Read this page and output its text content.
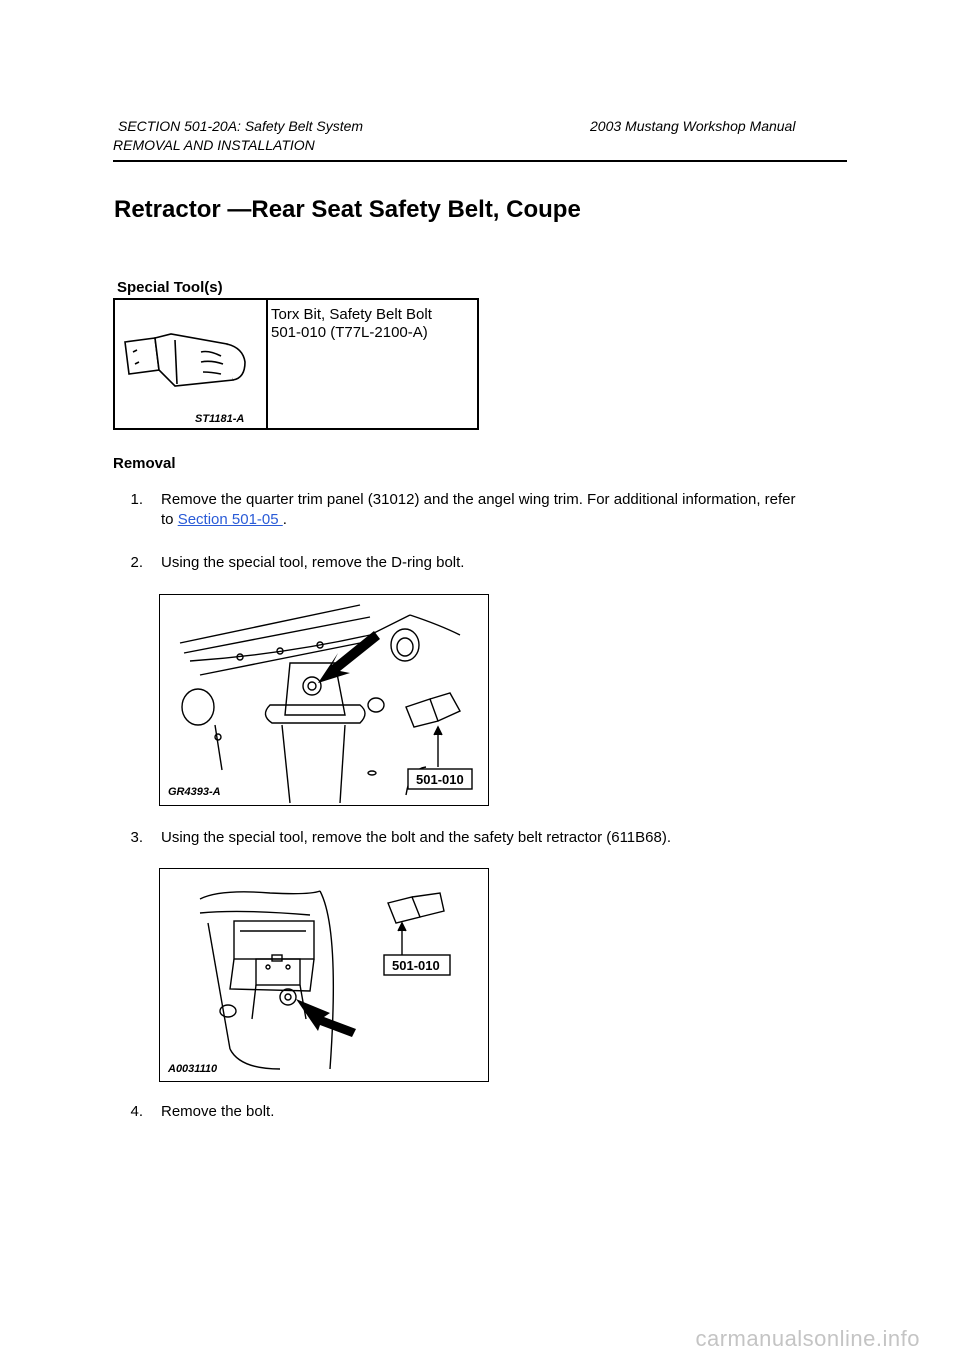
SECTION 501-20A: Safety Belt System	2003 Mustang Workshop Manual
REMOVAL AND INSTALLATION
Retractor —Rear Seat Safety Belt, Coupe
Special Tool(s)
ST1181-A
Torx Bit, Safety Belt Bolt
501-010 (T77L-2100-A)
Removal
1. Remove the quarter trim panel (31012) and the angel wing trim. For additional information, refer
to Section 501-05 .
2. Using the special tool, remove the D-ring bolt.
501-010
GR4393-A
3. Using the special tool, remove the bolt and the safety belt retractor (611B68).
501-010
A0031110
4. Remove the bolt.
carmanualsonline.info
